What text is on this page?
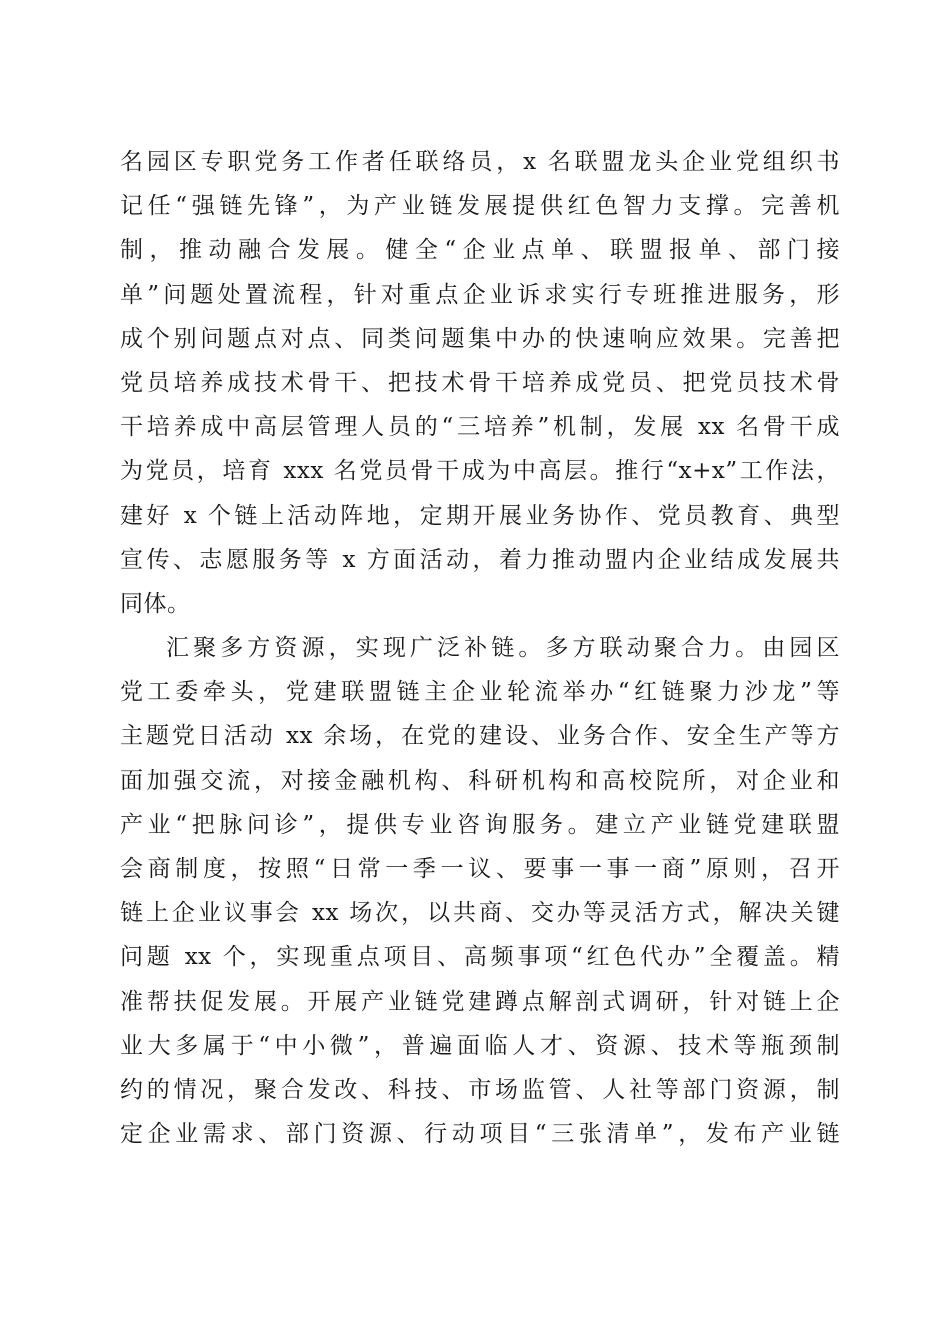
名园区专职党务工作者任联络员，x 名联盟龙头企业党组织书
记任“强链先锋”，为产业链发展提供红色智力支撑。完善机
制，推动融合发展。健全“企业点单、联盟报单、部门接
单”问题处置流程，针对重点企业诉求实行专班推进服务，形
成个别问题点对点、同类问题集中办的快速响应效果。完善把
党员培养成技术骨干、把技术骨干培养成党员、把党员技术骨
干培养成中高层管理人员的“三培养”机制，发展 xx 名骨干成
为党员，培育 xxx 名党员骨干成为中高层。推行“x+x”工作法，
建好 x 个链上活动阵地，定期开展业务协作、党员教育、典型
宣传、志愿服务等 x 方面活动，着力推动盟内企业结成发展共
同体。
汇聚多方资源，实现广泛补链。多方联动聚合力。由园区
党工委牵头，党建联盟链主企业轮流举办“红链聚力沙龙”等
主题党日活动 xx 余场，在党的建设、业务合作、安全生产等方
面加强交流，对接金融机构、科研机构和高校院所，对企业和
产业“把脉问诊”，提供专业咨询服务。建立产业链党建联盟
会商制度，按照“日常一季一议、要事一事一商”原则，召开
链上企业议事会 xx 场次，以共商、交办等灵活方式，解决关键
问题 xx 个，实现重点项目、高频事项“红色代办”全覆盖。精
准帮扶促发展。开展产业链党建蹲点解剖式调研，针对链上企
业大多属于“中小微”，普遍面临人才、资源、技术等瓶颈制
约的情况，聚合发改、科技、市场监管、人社等部门资源，制
定企业需求、部门资源、行动项目“三张清单”，发布产业链
